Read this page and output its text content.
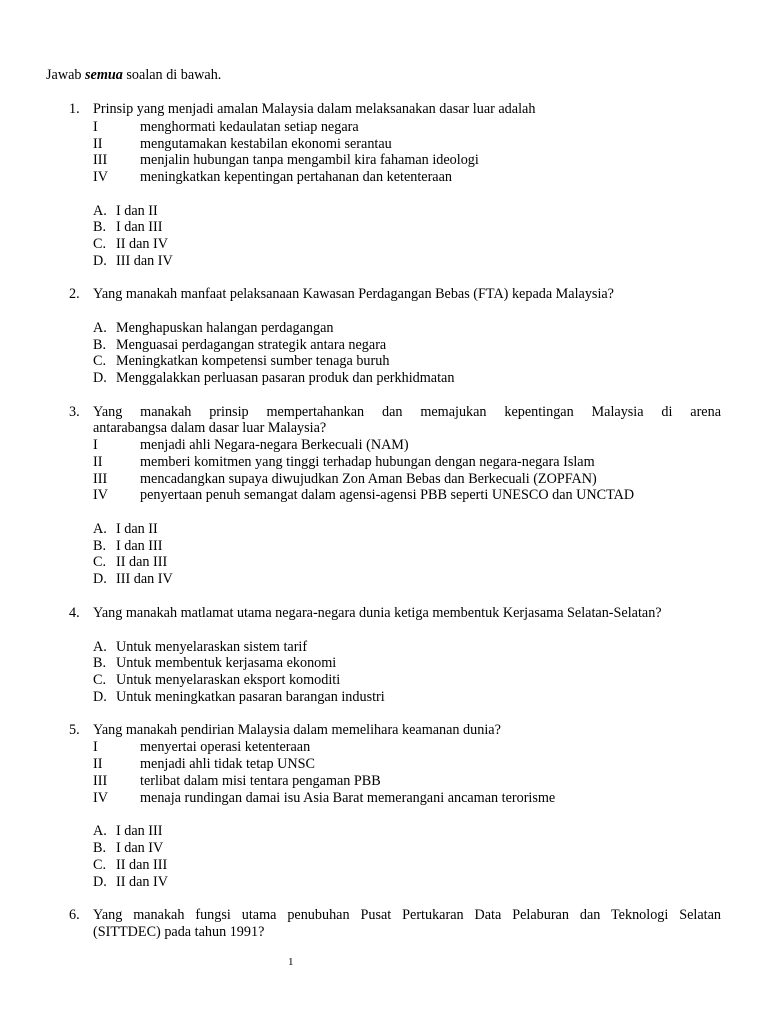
Jawab semua soalan di bawah.
1. Prinsip yang menjadi amalan Malaysia dalam melaksanakan dasar luar adalah
I	menghormati kedaulatan setiap negara
II	mengutamakan kestabilan ekonomi serantau
III menjalin hubungan tanpa mengambil kira fahaman ideologi
IV meningkatkan kepentingan pertahanan dan ketenteraan
A. I dan II
B. I dan III
C. II dan IV
D. III dan IV
2. Yang manakah manfaat pelaksanaan Kawasan Perdagangan Bebas (FTA) kepada Malaysia?
A. Menghapuskan halangan perdagangan
B. Menguasai perdagangan strategik antara negara
C. Meningkatkan kompetensi sumber tenaga buruh
D. Menggalakkan perluasan pasaran produk dan perkhidmatan
3. Yang manakah prinsip mempertahankan dan memajukan kepentingan Malaysia di arena
antarabangsa dalam dasar luar Malaysia?
I	menjadi ahli Negara-negara Berkecuali (NAM)
II	memberi komitmen yang tinggi terhadap hubungan dengan negara-negara Islam
III mencadangkan supaya diwujudkan Zon Aman Bebas dan Berkecuali (ZOPFAN)
IV penyertaan penuh semangat dalam agensi-agensi PBB seperti UNESCO dan UNCTAD
A. I dan II
B. I dan III
C. II dan III
D. III dan IV
4. Yang manakah matlamat utama negara-negara dunia ketiga membentuk Kerjasama Selatan-Selatan?
A. Untuk menyelaraskan sistem tarif
B. Untuk membentuk kerjasama ekonomi
C. Untuk menyelaraskan eksport komoditi
D. Untuk meningkatkan pasaran barangan industri
5. Yang manakah pendirian Malaysia dalam memelihara keamanan dunia?
I	menyertai operasi ketenteraan
II	menjadi ahli tidak tetap UNSC
III terlibat dalam misi tentara pengaman PBB
IV menaja rundingan damai isu Asia Barat memerangani ancaman terorisme
A. I dan III
B. I dan IV
C. II dan III
D. II dan IV
6. Yang manakah fungsi utama penubuhan Pusat Pertukaran Data Pelaburan dan Teknologi Selatan
(SITTDEC) pada tahun 1991?
1
